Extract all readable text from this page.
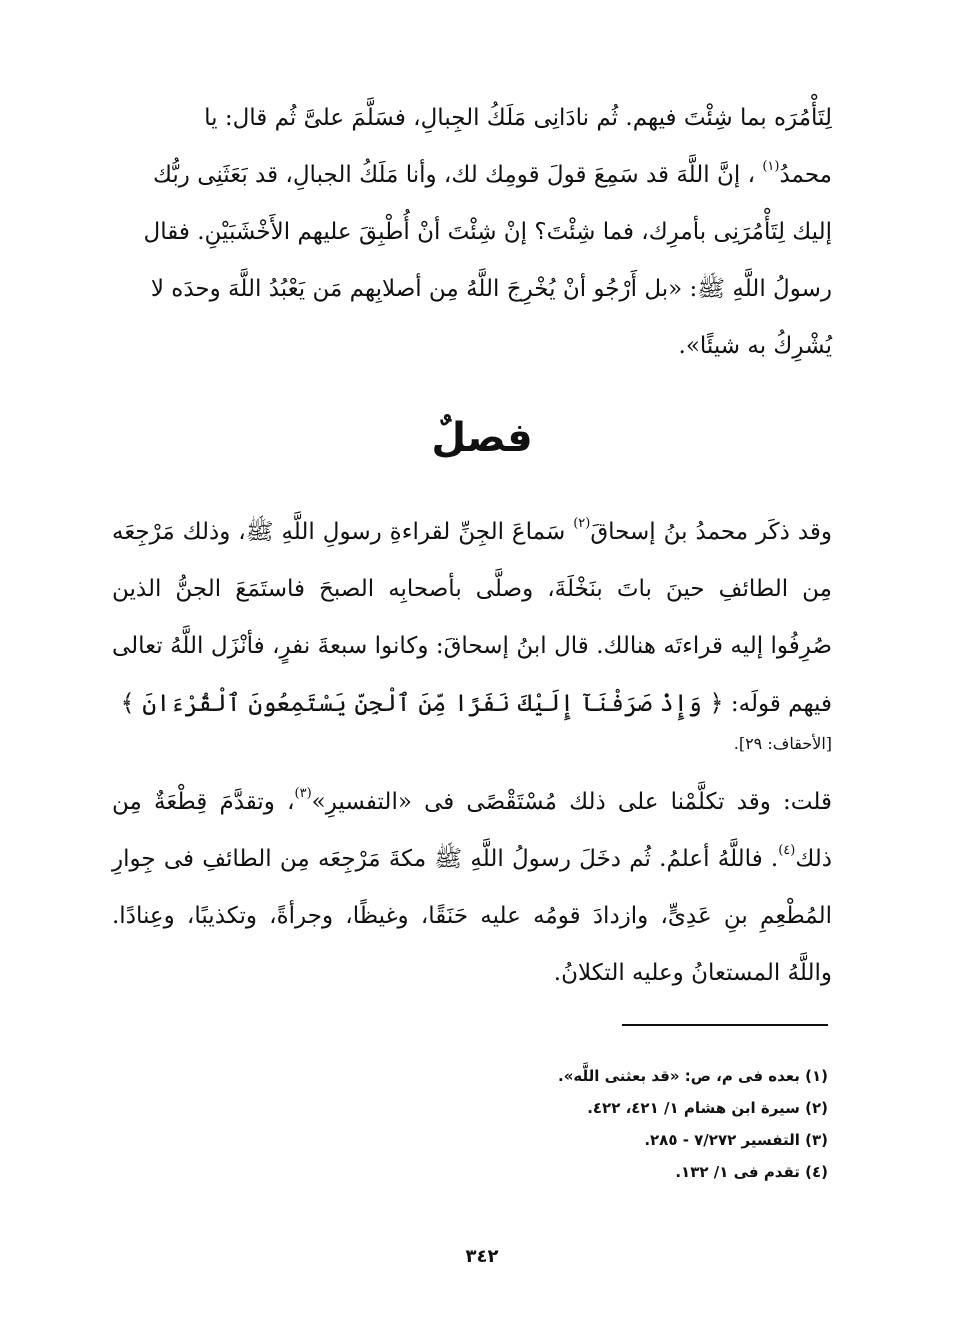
لِتَأْمُرَه بما شِئْتَ فيهم. ثُم نادَانِى مَلَكُ الجِبالِ، فسَلَّمَ علىَّ ثُم قال: يا

محمدُ$^{(١)}$ ، إنَّ اللَّهَ قد سَمِعَ قولَ قومِك لك، وأنا مَلَكُ الجبالِ، قد بَعَثَنِى ربُّك

إليك لِتَأْمُرَنِى بأمرِك، فما شِئْتَ؟ إنْ شِئْتَ أنْ أُطْبِقَ عليهم الأَخْشَبَيْنِ. فقال

رسولُ اللَّهِ ﷺ: «بل أَرْجُو أنْ يُخْرِجَ اللَّهُ مِن أصلابِهم مَن يَعْبُدُ اللَّهَ وحدَه لا

يُشْرِكُ به شيئًا».

فصلٌ

وقد ذكَر محمدُ بنُ إسحاقَ$^{(٢)}$ سَماعَ الجِنِّ لقراءةِ رسولِ اللَّهِ ﷺ، وذلك مَرْجِعَه مِن الطائفِ حينَ باتَ بنَخْلَةَ، وصلَّى بأصحابِه الصبحَ فاستَمَعَ الجنُّ الذين صُرِفُوا إليه قراءتَه هنالك. قال ابنُ إسحاقَ: وكانوا سبعةَ نفرٍ، فأنْزَل اللَّهُ تعالى فيهم قولَه: ﴿ وَإِذْ صَرَفْنَآ إِلَيْكَ نَفَرًا مِّنَ ٱلْجِنِّ يَسْتَمِعُونَ ٱلْقُرْءَانَ ﴾
[الأحقاف: ٢٩].

قلت: وقد تكلَّمْنا على ذلك مُسْتَقْصًى فى «التفسيرِ»$^{(٣)}$، وتقدَّمَ قِطْعَةٌ مِن ذلك$^{(٤)}$. فاللَّهُ أعلمُ. ثُم دخَلَ رسولُ اللَّهِ ﷺ مكةَ مَرْجِعَه مِن الطائفِ فى جِوارِ المُطْعِمِ بنِ عَدِىٍّ، وازدادَ قومُه عليه حَنَقًا، وغيظًا، وجرأةً، وتكذيبًا، وعِنادًا. واللَّهُ المستعانُ وعليه التكلانُ.

(١) بعده فى م، ص: «قد بعثنى اللَّه».
(٢) سيرة ابن هشام ١/ ٤٢١، ٤٢٢.
(٣) التفسير ٧/٢٧٢ - ٢٨٥.
(٤) تقدم فى ١/ ١٣٢.
٣٤٢
